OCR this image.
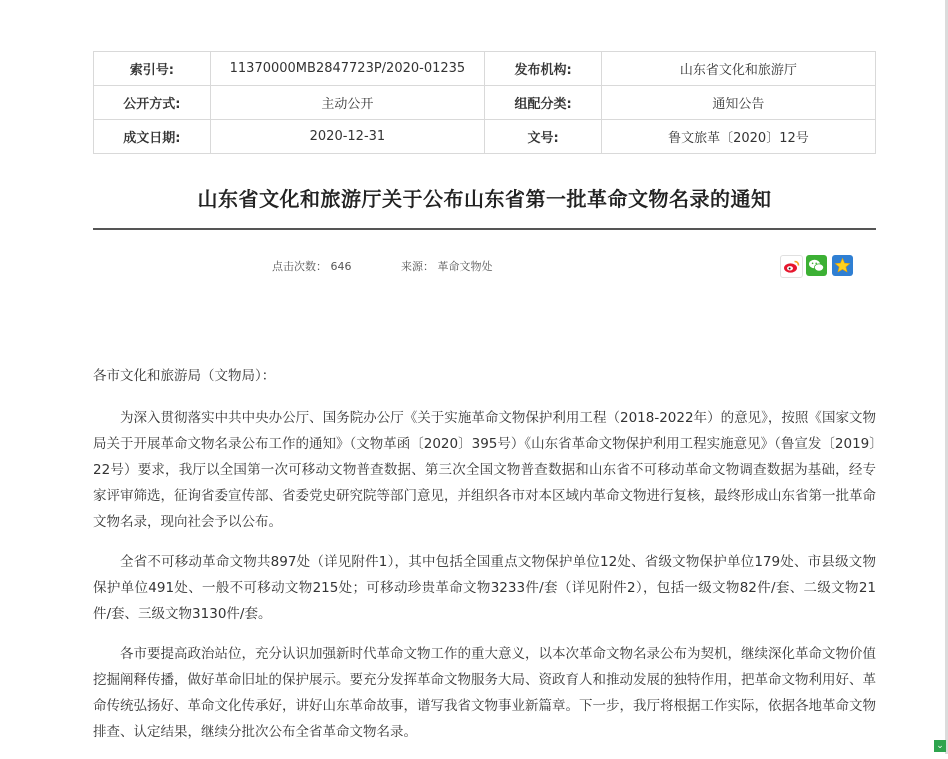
索引号:	11370000MB2847723P/2020-01235	发布机构:	山东省文化和旅游厅
公开方式:	主动公开	组配分类:	通知公告
成文日期:	2020-12-31	文号:	鲁文旅革〔2020〕12号
山东省文化和旅游厅关于公布山东省第一批革命文物名录的通知
点击次数： 646	来源： 革命文物处

各市文化和旅游局（文物局）：

为深入贯彻落实中共中央办公厅、国务院办公厅《关于实施革命文物保护利用工程（2018-2022年）的意见》，按照《国家文物局关于开展革命文物名录公布工作的通知》（文物革函〔2020〕395号）《山东省革命文物保护利用工程实施意见》（鲁宣发〔2019〕22号）要求，我厅以全国第一次可移动文物普查数据、第三次全国文物普查数据和山东省不可移动革命文物调查数据为基础，经专家评审筛选，征询省委宣传部、省委党史研究院等部门意见，并组织各市对本区域内革命文物进行复核，最终形成山东省第一批革命文物名录，现向社会予以公布。

全省不可移动革命文物共897处（详见附件1），其中包括全国重点文物保护单位12处、省级文物保护单位179处、市县级文物保护单位491处、一般不可移动文物215处；可移动珍贵革命文物3233件/套（详见附件2），包括一级文物82件/套、二级文物21件/套、三级文物3130件/套。

各市要提高政治站位，充分认识加强新时代革命文物工作的重大意义，以本次革命文物名录公布为契机，继续深化革命文物价值挖掘阐释传播，做好革命旧址的保护展示。要充分发挥革命文物服务大局、资政育人和推动发展的独特作用，把革命文物利用好、革命传统弘扬好、革命文化传承好，讲好山东革命故事，谱写我省文物事业新篇章。下一步，我厅将根据工作实际，依据各地革命文物排查、认定结果，继续分批次公布全省革命文物名录。

⌄
